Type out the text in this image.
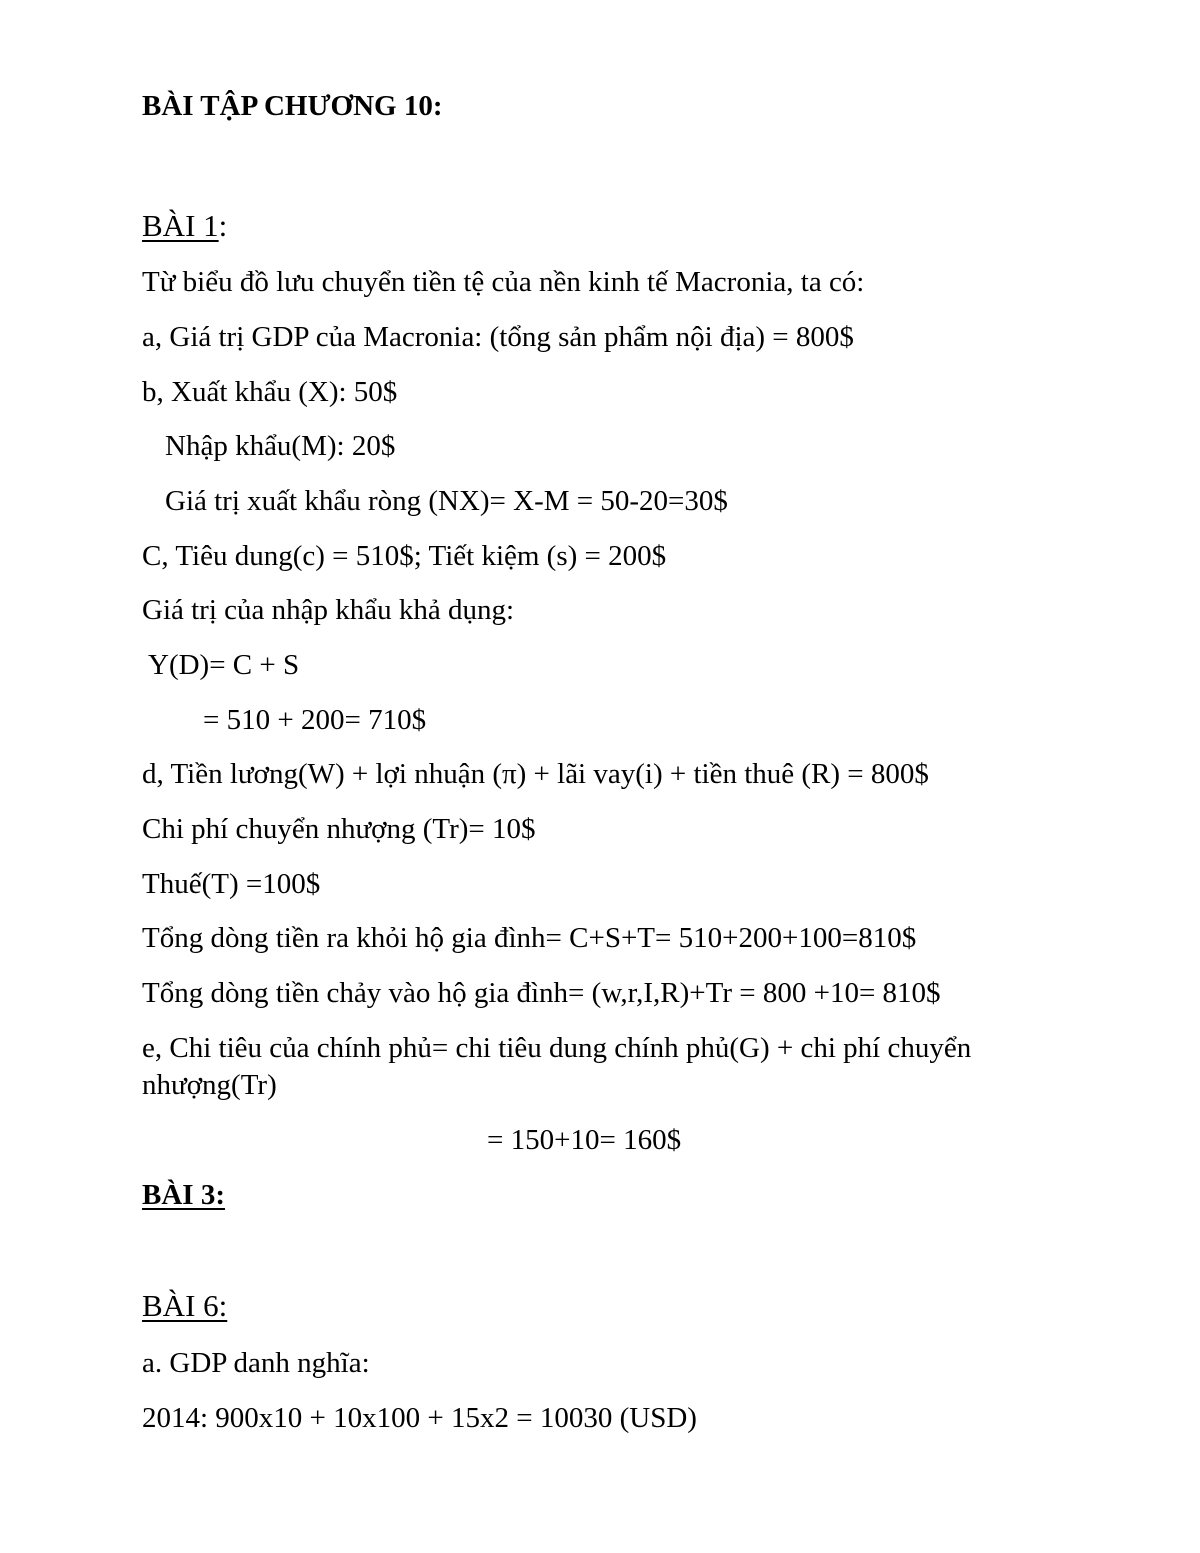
BÀI TẬP CHƯƠNG 10:
BÀI 1:
Từ biểu đồ lưu chuyển tiền tệ của nền kinh tế Macronia, ta có:
a, Giá trị GDP của Macronia: (tổng sản phẩm nội địa) = 800$
b, Xuất khẩu (X): 50$
Nhập khẩu(M): 20$
Giá trị xuất khẩu ròng (NX)= X-M = 50-20=30$
C, Tiêu dung(c) = 510$; Tiết kiệm (s) = 200$
Giá trị của nhập khẩu khả dụng:
Y(D)= C + S
= 510 + 200= 710$
d, Tiền lương(W) + lợi nhuận (π) + lãi vay(i) + tiền thuê (R) = 800$
Chi phí chuyển nhượng (Tr)= 10$
Thuế(T) =100$
Tổng dòng tiền ra khỏi hộ gia đình= C+S+T= 510+200+100=810$
Tổng dòng tiền chảy vào hộ gia đình= (w,r,I,R)+Tr = 800 +10= 810$
e, Chi tiêu của chính phủ= chi tiêu dung chính phủ(G) + chi phí chuyển
nhượng(Tr)
= 150+10= 160$
BÀI 3:
BÀI 6:
a. GDP danh nghĩa:
2014: 900x10 + 10x100 + 15x2 = 10030 (USD)
